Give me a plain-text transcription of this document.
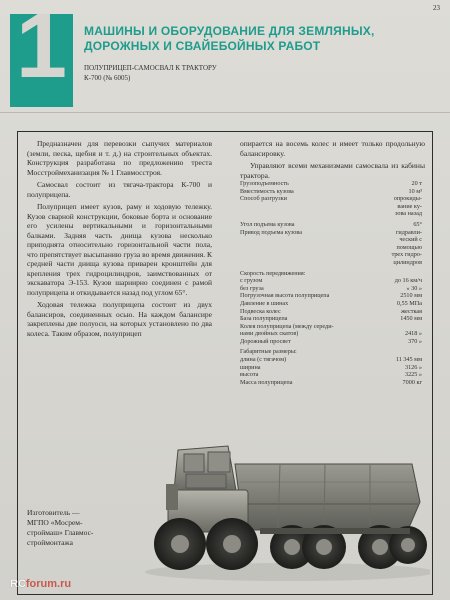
23
1	МАШИНЫ И ОБОРУДОВАНИЕ ДЛЯ ЗЕМЛЯНЫХ, ДОРОЖНЫХ И СВАЙЕБОЙНЫХ РАБОТ
ПОЛУПРИЦЕП-САМОСВАЛ К ТРАКТОРУ
К-700 (№ 6005)

Предназначен для перевозки сыпучих материалов (земли, песка, щебня и т. д.) на строительных объектах. Конструкция разработана по предложению треста Мосстроймеханизация № 1 Главмосстроя.

Самосвал состоит из тягача-трактора К-700 и полуприцепа.

Полуприцеп имеет кузов, раму и ходовую тележку. Кузов сварной конструкции, боковые борта и основание его усилены вертикальными и горизонтальными балками. Задняя часть днища кузова несколько приподнята относительно горизонтальной части пола, что препятствует высыпанию груза во время движения. К средней части днища кузова приварен кронштейн для крепления трех гидроцилиндров, заимствованных от экскаватора Э-153. Кузов шарнирно соединен с рамой полуприцепа и откидывается назад под углом 65°.

Ходовая тележка полуприцепа состоит из двух балансиров, соединенных осью. На каждом балансире закреплены две полуоси, на которых установлено по два колеса. Таким образом, полуприцеп

опирается на восемь колес и имеет только продольную балансировку.

Управляют всеми механизмами самосвала из кабины трактора.

Грузоподъемность	20 т
Вместимость кузова	10 м³
Способ разгрузки	опрокиды-
вание ку-
зова назад
Угол подъема кузова	65°
Привод подъема кузова	гидравли-
ческий с
помощью
трех гидро-
цилиндров
Скорость передвижения:
с грузом	до 16 км/ч
без груза	» 30 »
Погрузочная высота полуприцепа	2510 мм
Давление в шинах	0,55 МПа
Подвеска колес	жесткая
База полуприцепа	1450 мм
Колея полуприцепа (между середи-
нами двойных скатов)	2418 »
Дорожный просвет	370 »
Габаритные размеры:
длина (с тягачом)	11 345 мм
ширина	3126 »
высота	3225 »
Масса полуприцепа	7000 кг
Изготовитель —
МГПО «Мосрем-
строймаш» Главмос-
строймонтажа
RCforum.ru
